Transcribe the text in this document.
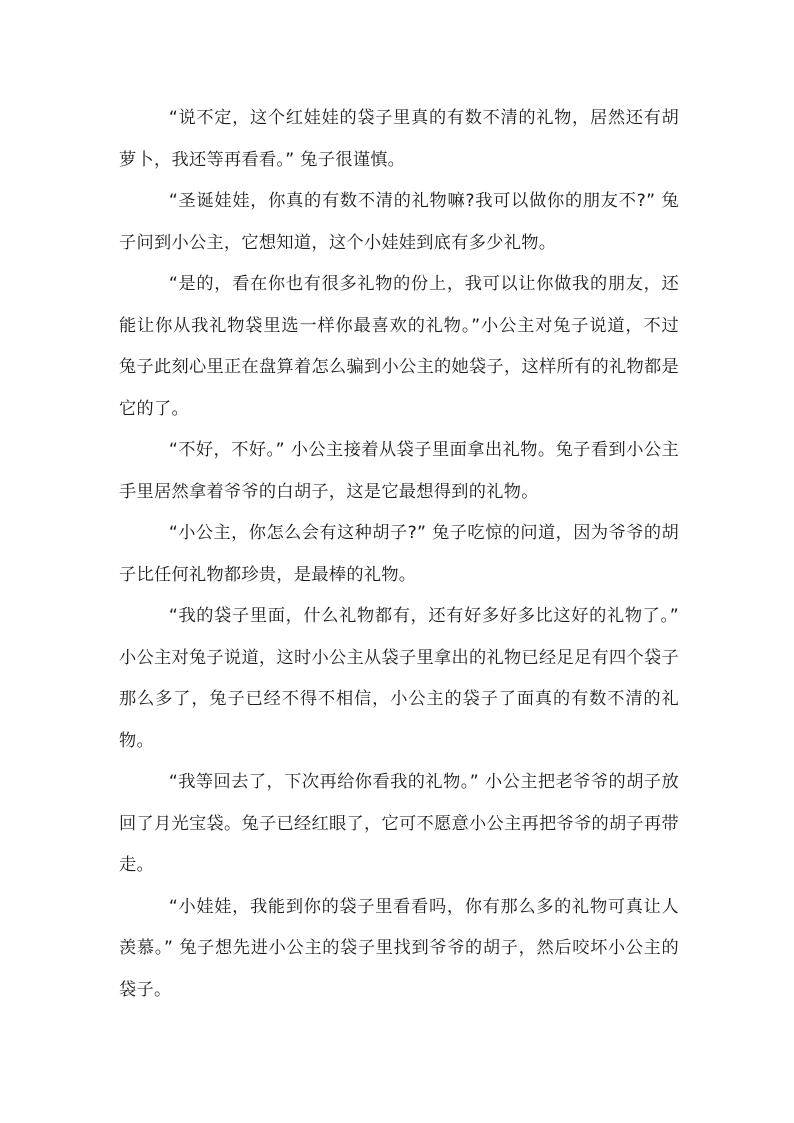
“说不定，这个红娃娃的袋子里真的有数不清的礼物，居然还有胡萝卜，我还等再看看。” 兔子很谨慎。

“圣诞娃娃，你真的有数不清的礼物嘛?我可以做你的朋友不?” 兔子问到小公主，它想知道，这个小娃娃到底有多少礼物。

“是的，看在你也有很多礼物的份上，我可以让你做我的朋友，还能让你从我礼物袋里选一样你最喜欢的礼物。”小公主对兔子说道，不过兔子此刻心里正在盘算着怎么骗到小公主的她袋子，这样所有的礼物都是它的了。

“不好，不好。” 小公主接着从袋子里面拿出礼物。兔子看到小公主手里居然拿着爷爷的白胡子，这是它最想得到的礼物。

“小公主，你怎么会有这种胡子?” 兔子吃惊的问道，因为爷爷的胡子比任何礼物都珍贵，是最棒的礼物。

“我的袋子里面，什么礼物都有，还有好多好多比这好的礼物了。” 小公主对兔子说道，这时小公主从袋子里拿出的礼物已经足足有四个袋子那么多了，兔子已经不得不相信，小公主的袋子了面真的有数不清的礼物。

“我等回去了，下次再给你看我的礼物。” 小公主把老爷爷的胡子放回了月光宝袋。兔子已经红眼了，它可不愿意小公主再把爷爷的胡子再带走。

“小娃娃，我能到你的袋子里看看吗，你有那么多的礼物可真让人羡慕。” 兔子想先进小公主的袋子里找到爷爷的胡子，然后咬坏小公主的袋子。
